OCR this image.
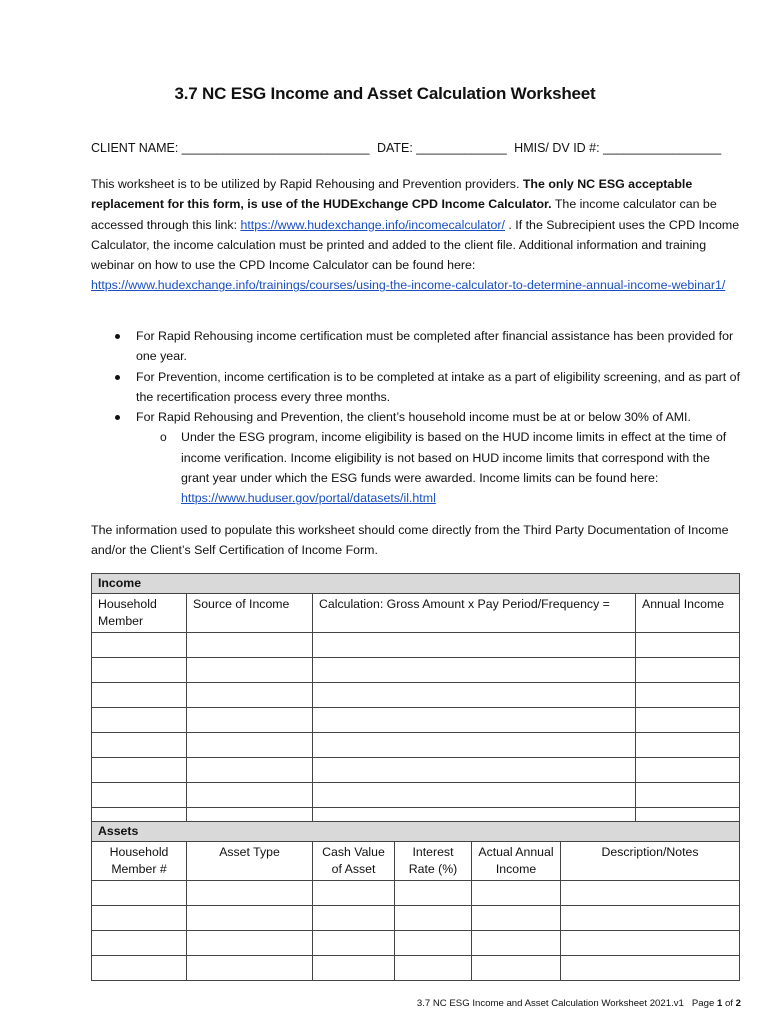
3.7 NC ESG Income and Asset Calculation Worksheet
CLIENT NAME: ___________________________ DATE: _____________ HMIS/ DV ID #: _________________
This worksheet is to be utilized by Rapid Rehousing and Prevention providers. The only NC ESG acceptable replacement for this form, is use of the HUDExchange CPD Income Calculator. The income calculator can be accessed through this link: https://www.hudexchange.info/incomecalculator/ . If the Subrecipient uses the CPD Income Calculator, the income calculation must be printed and added to the client file. Additional information and training webinar on how to use the CPD Income Calculator can be found here: https://www.hudexchange.info/trainings/courses/using-the-income-calculator-to-determine-annual-income-webinar1/
For Rapid Rehousing income certification must be completed after financial assistance has been provided for one year.
For Prevention, income certification is to be completed at intake as a part of eligibility screening, and as part of the recertification process every three months.
For Rapid Rehousing and Prevention, the client’s household income must be at or below 30% of AMI.
o Under the ESG program, income eligibility is based on the HUD income limits in effect at the time of income verification. Income eligibility is not based on HUD income limits that correspond with the grant year under which the ESG funds were awarded. Income limits can be found here: https://www.huduser.gov/portal/datasets/il.html
The information used to populate this worksheet should come directly from the Third Party Documentation of Income and/or the Client’s Self Certification of Income Form.
Income			
Household Member	Source of Income	Calculation: Gross Amount x Pay Period/Frequency =	Annual Income

Assets					
Household Member #	Asset Type	Cash Value of Asset	Interest Rate (%)	Actual Annual Income	Description/Notes

3.7 NC ESG Income and Asset Calculation Worksheet 2021.v1 Page 1 of 2
